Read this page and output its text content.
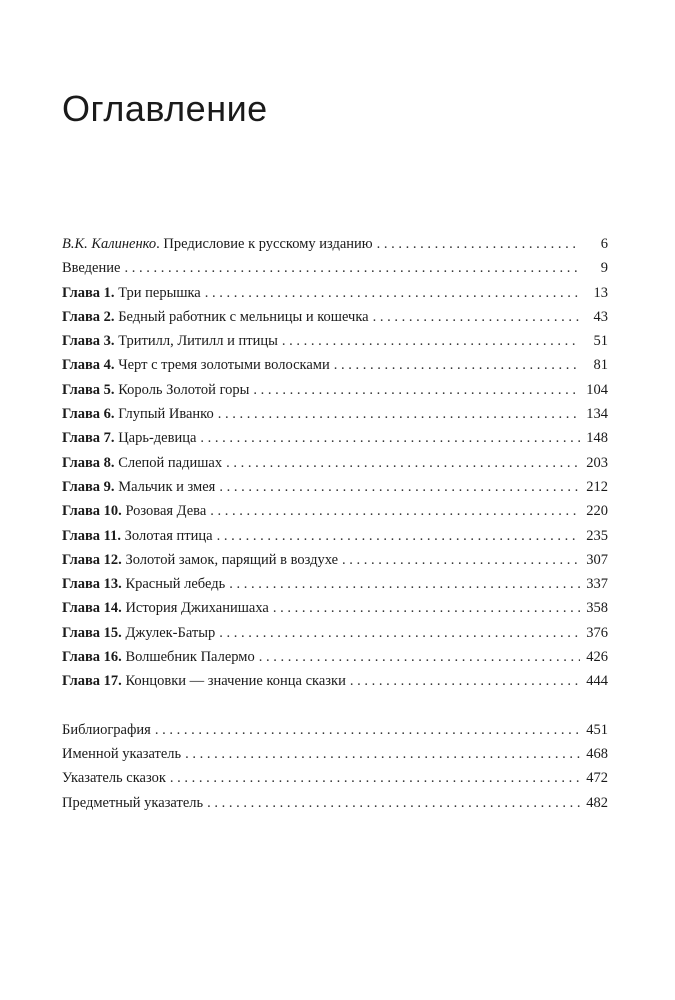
Оглавление
В.К. Калиненко. Предисловие к русскому изданию . . .	6
Введение . . .	9
Глава 1. Три перышка . . .	13
Глава 2. Бедный работник с мельницы и кошечка . . .	43
Глава 3. Тритилл, Литилл и птицы . . .	51
Глава 4. Черт с тремя золотыми волосками . . .	81
Глава 5. Король Золотой горы . . .	104
Глава 6. Глупый Иванко . . .	134
Глава 7. Царь-девица . . .	148
Глава 8. Слепой падишах . . .	203
Глава 9. Мальчик и змея . . .	212
Глава 10. Розовая Дева . . .	220
Глава 11. Золотая птица . . .	235
Глава 12. Золотой замок, парящий в воздухе . . .	307
Глава 13. Красный лебедь . . .	337
Глава 14. История Джиханишаха . . .	358
Глава 15. Джулек-Батыр . . .	376
Глава 16. Волшебник Палермо . . .	426
Глава 17. Концовки — значение конца сказки . . .	444
Библиография . . .	451
Именной указатель . . .	468
Указатель сказок . . .	472
Предметный указатель . . .	482
